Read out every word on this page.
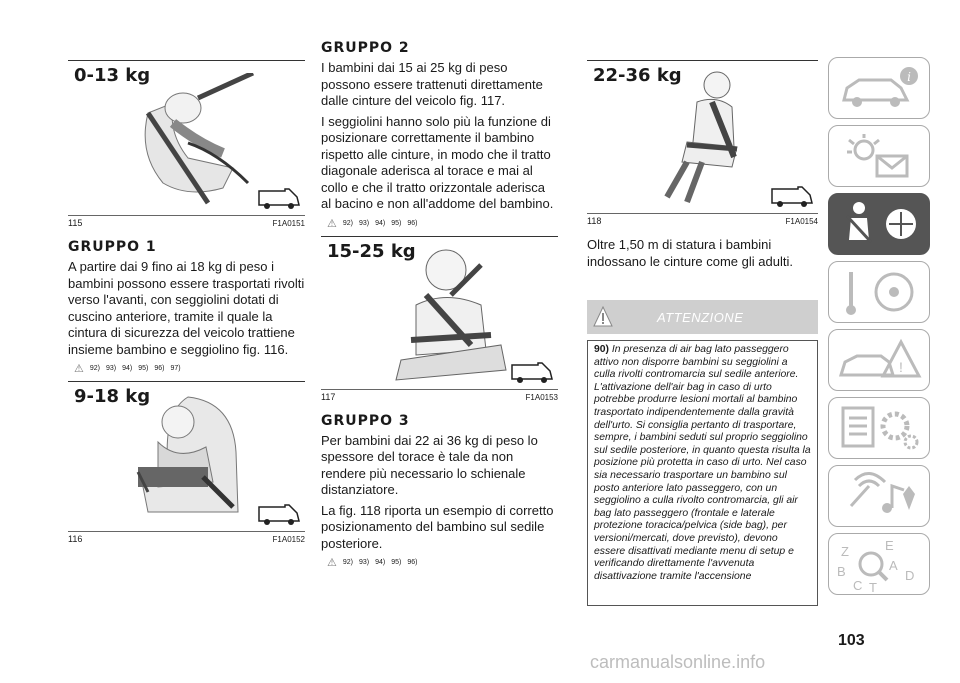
0-13 kg
115	F1A0151
GRUPPO 1

A partire dai 9 fino ai 18 kg di peso i bambini possono essere trasportati rivolti verso l'avanti, con seggiolini dotati di cuscino anteriore, tramite il quale la cintura di sicurezza del veicolo trattiene insieme bambino e seggiolino fig. 116.

⚠ 92) 93) 94) 95) 96) 97)
9-18 kg
116	F1A0152
GRUPPO 2

I bambini dai 15 ai 25 kg di peso possono essere trattenuti direttamente dalle cinture del veicolo fig. 117.

I seggiolini hanno solo più la funzione di posizionare correttamente il bambino rispetto alle cinture, in modo che il tratto diagonale aderisca al torace e mai al collo e che il tratto orizzontale aderisca al bacino e non all'addome del bambino.

⚠ 92) 93) 94) 95) 96)
15-25 kg
117	F1A0153
GRUPPO 3

Per bambini dai 22 ai 36 kg di peso lo spessore del torace è tale da non rendere più necessario lo schienale distanziatore.

La fig. 118 riporta un esempio di corretto posizionamento del bambino sul sedile posteriore.

⚠ 92) 93) 94) 95) 96)
22-36 kg
118	F1A0154

Oltre 1,50 m di statura i bambini indossano le cinture come gli adulti.

ATTENZIONE
90) In presenza di air bag lato passeggero attivo non disporre bambini su seggiolini a culla rivolti contromarcia sul sedile anteriore. L'attivazione dell'air bag in caso di urto potrebbe produrre lesioni mortali al bambino trasportato indipendentemente dalla gravità dell'urto. Si consiglia pertanto di trasportare, sempre, i bambini seduti sul proprio seggiolino sul sedile posteriore, in quanto questa risulta la posizione più protetta in caso di urto. Nel caso sia necessario trasportare un bambino sul posto anteriore lato passeggero, con un seggiolino a culla rivolto contromarcia, gli air bag lato passeggero (frontale e laterale protezione toracica/pelvica (side bag), per versioni/mercati, dove previsto), devono essere disattivati mediante menu di setup e verificando direttamente l'avvenuta disattivazione tramite l'accensione
i
!
Z	E
B	A
C T
D
103
carmanualsonline.info
